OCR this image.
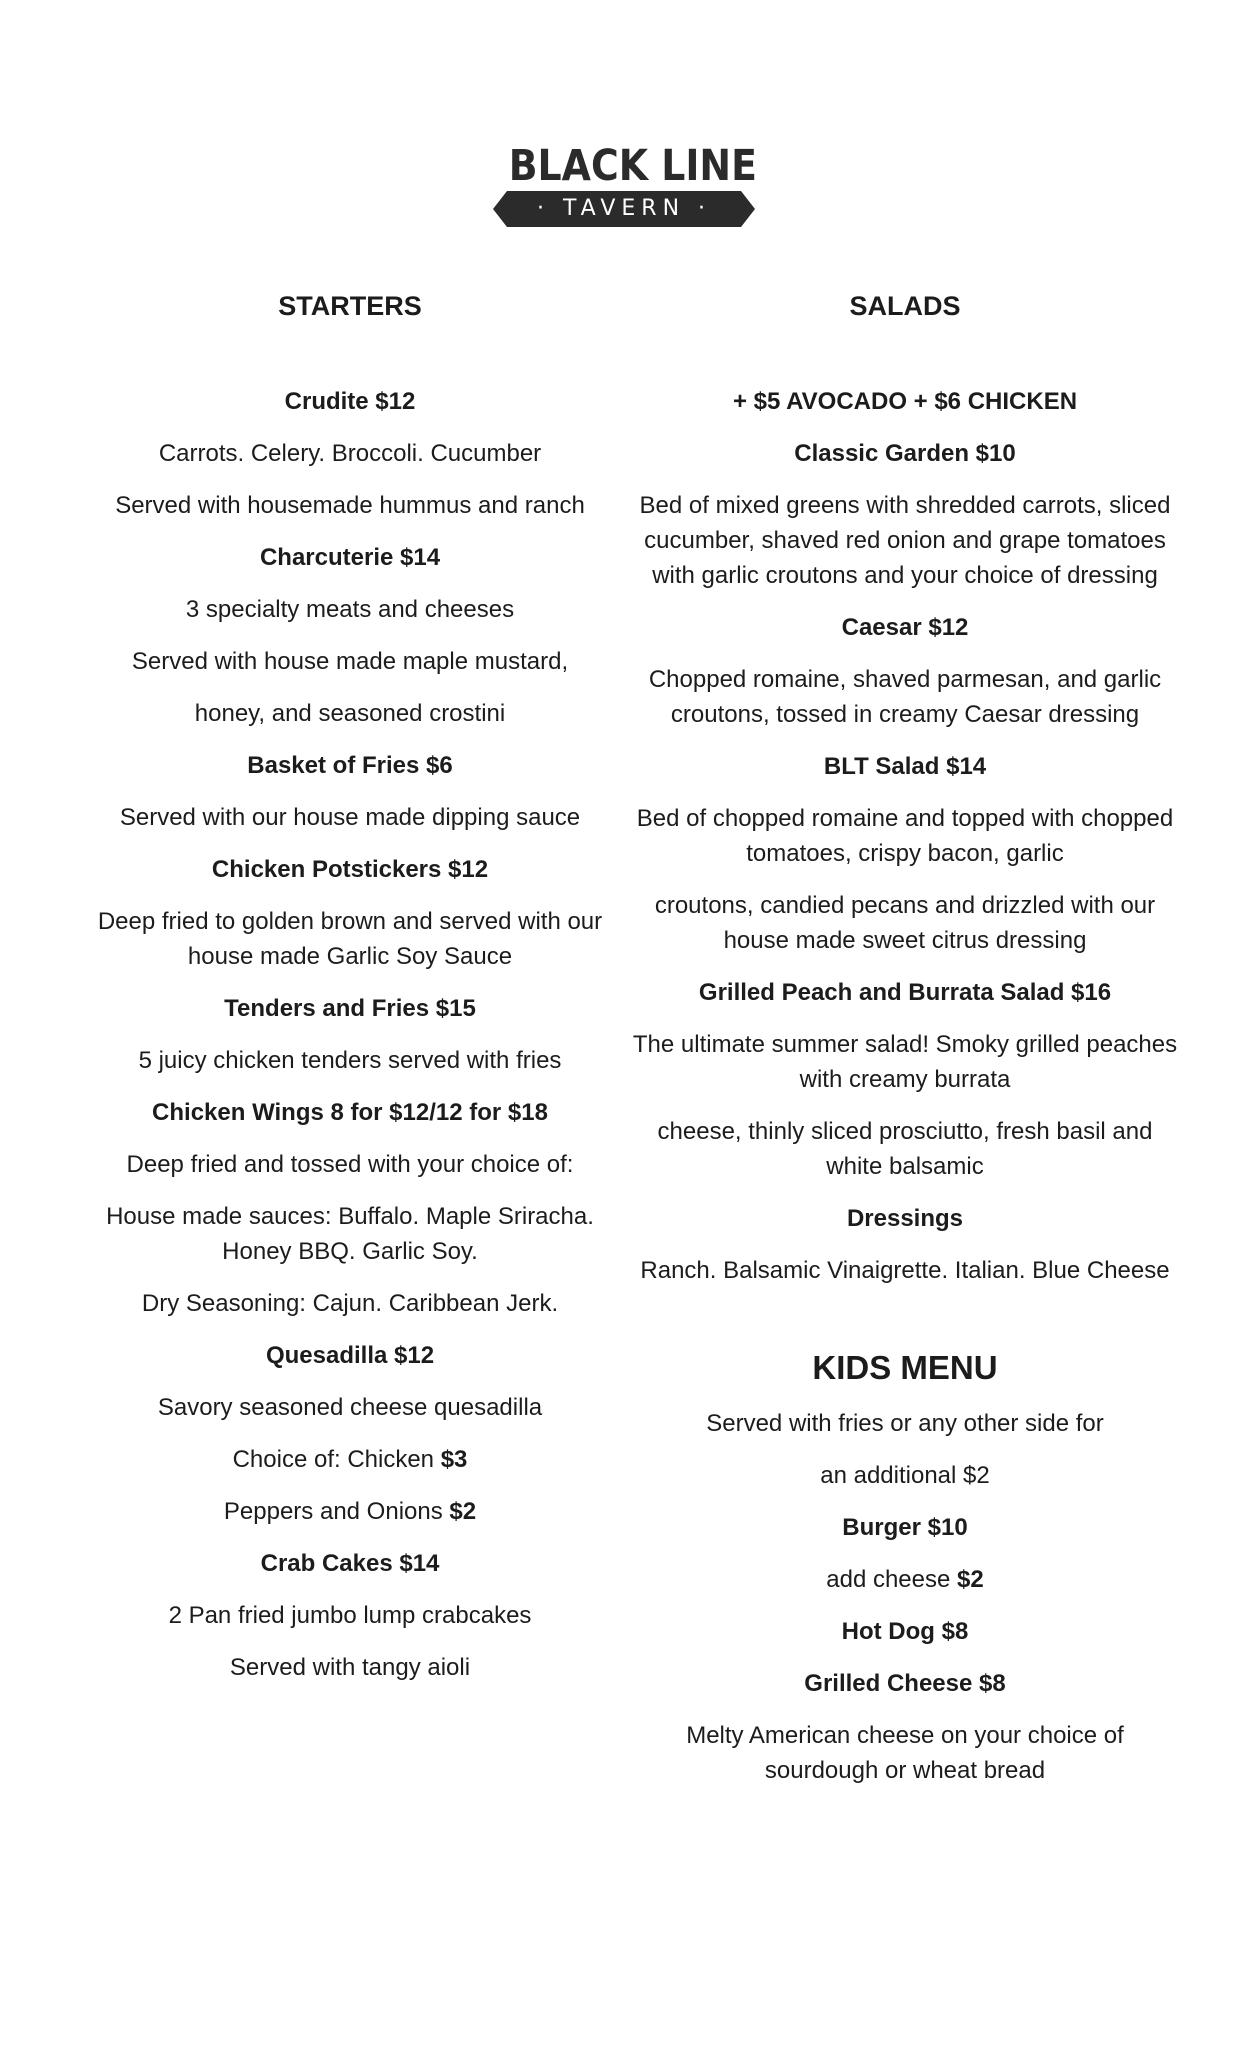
BLACK LINE
· TAVERN ·
STARTERS
Crudite $12
Carrots. Celery. Broccoli. Cucumber
Served with housemade hummus and ranch
Charcuterie $14
3 specialty meats and cheeses
Served with house made maple mustard,
honey, and seasoned crostini
Basket of Fries $6
Served with our house made dipping sauce
Chicken Potstickers $12
Deep fried to golden brown and served with our house made Garlic Soy Sauce
Tenders and Fries $15
5 juicy chicken tenders served with fries
Chicken Wings 8 for $12/12 for $18
Deep fried and tossed with your choice of:
House made sauces: Buffalo. Maple Sriracha. Honey BBQ. Garlic Soy.
Dry Seasoning: Cajun. Caribbean Jerk.
Quesadilla $12
Savory seasoned cheese quesadilla
Choice of: Chicken $3
Peppers and Onions $2
Crab Cakes $14
2 Pan fried jumbo lump crabcakes
Served with tangy aioli
SALADS
+ $5 AVOCADO + $6 CHICKEN
Classic Garden $10
Bed of mixed greens with shredded carrots, sliced cucumber, shaved red onion and grape tomatoes with garlic croutons and your choice of dressing
Caesar $12
Chopped romaine, shaved parmesan, and garlic croutons, tossed in creamy Caesar dressing
BLT Salad $14
Bed of chopped romaine and topped with chopped tomatoes, crispy bacon, garlic
croutons, candied pecans and drizzled with our house made sweet citrus dressing
Grilled Peach and Burrata Salad $16
The ultimate summer salad! Smoky grilled peaches with creamy burrata
cheese, thinly sliced prosciutto, fresh basil and white balsamic
Dressings
Ranch. Balsamic Vinaigrette. Italian. Blue Cheese
KIDS MENU
Served with fries or any other side for
an additional $2
Burger $10
add cheese $2
Hot Dog $8
Grilled Cheese $8
Melty American cheese on your choice of sourdough or wheat bread
